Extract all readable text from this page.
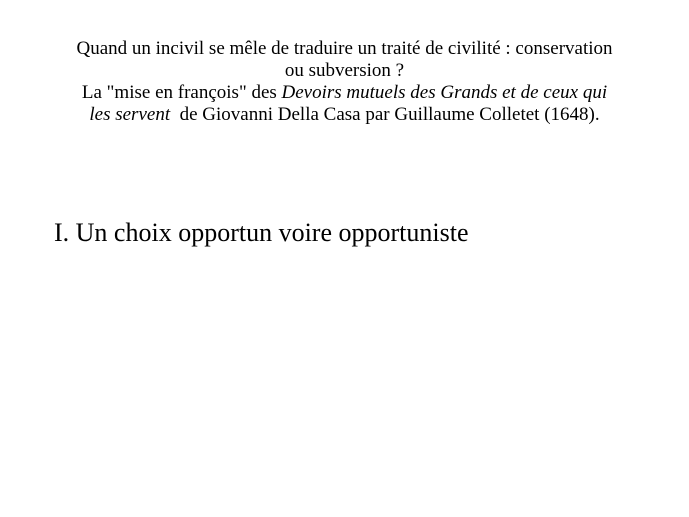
Quand un incivil se mêle de traduire un traité de civilité : conservation
ou subversion ?
La "mise en françois" des Devoirs mutuels des Grands et de ceux qui
les servent  de Giovanni Della Casa par Guillaume Colletet (1648).
I. Un choix opportun voire opportuniste
